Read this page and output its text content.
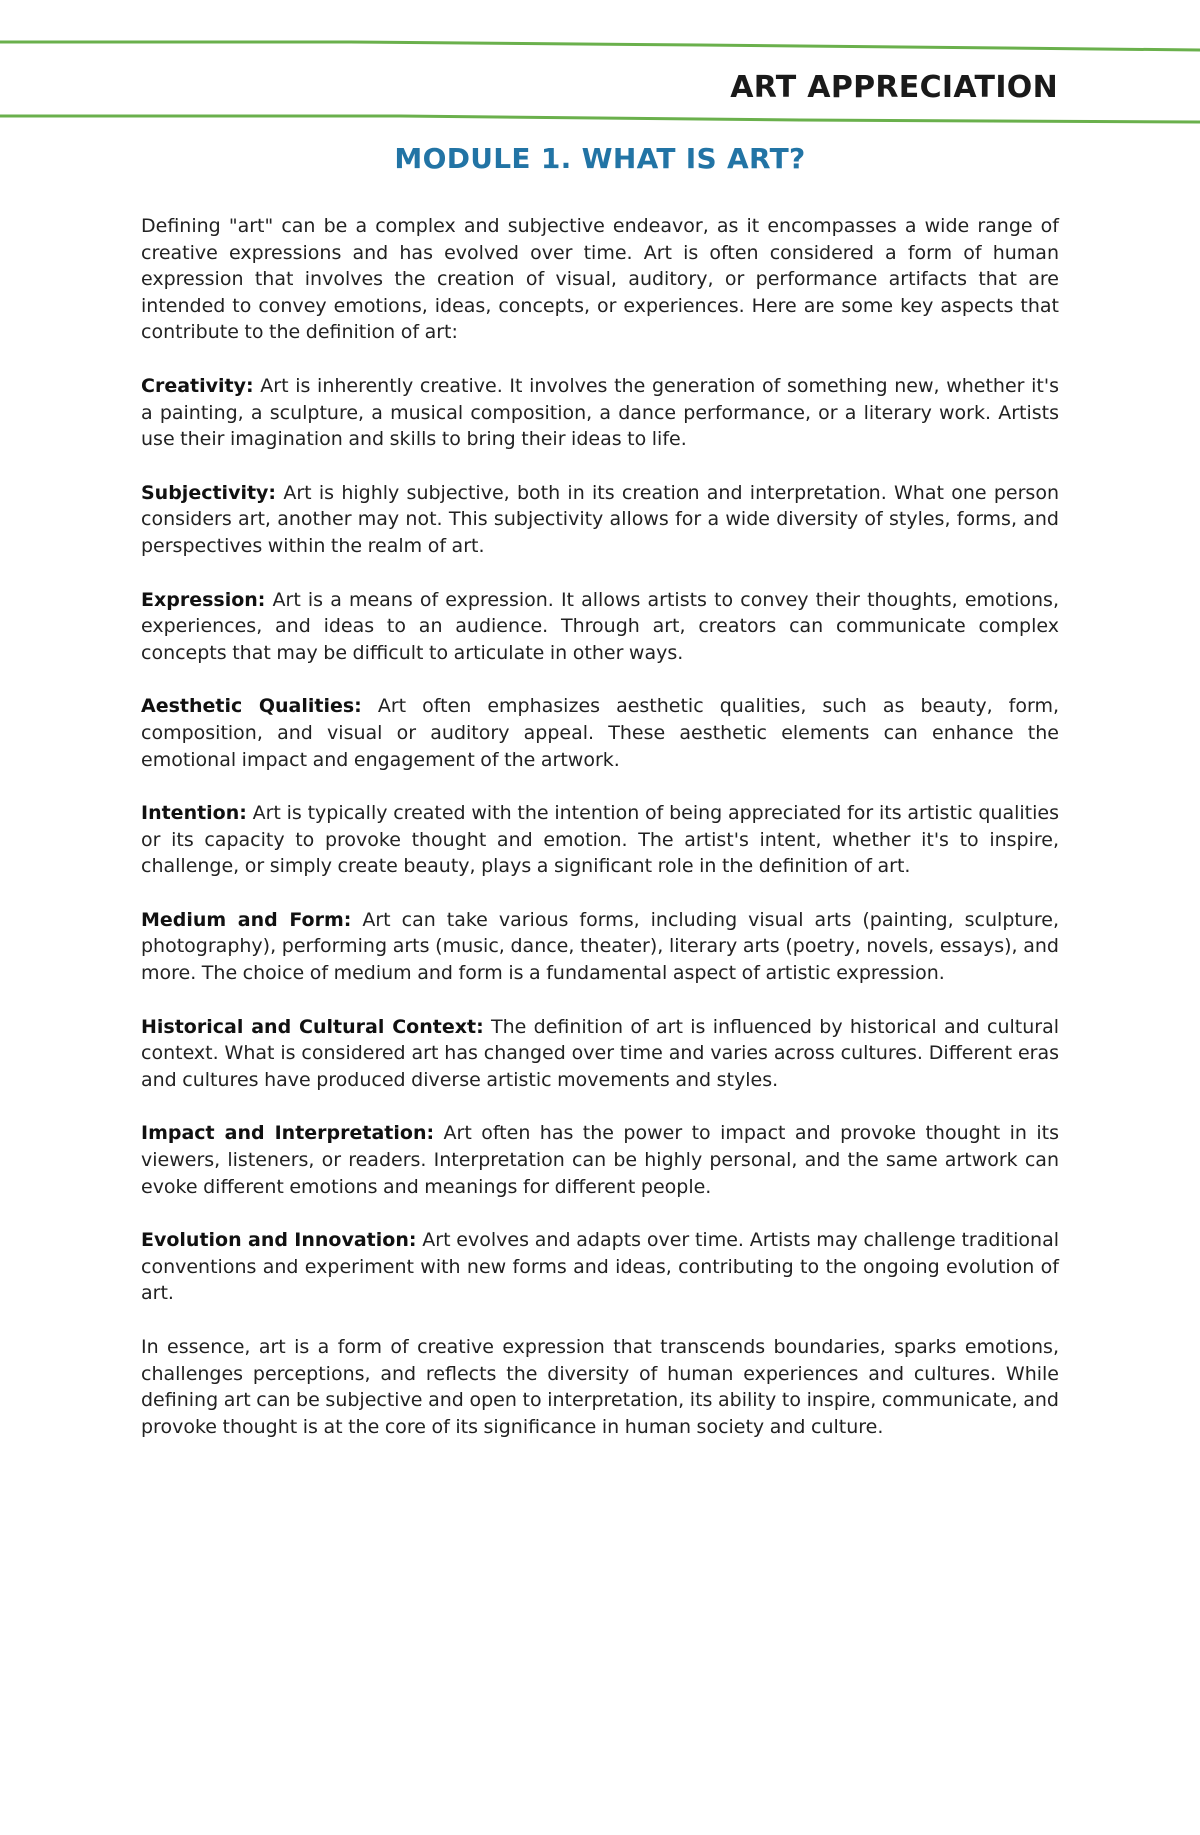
ART APPRECIATION
MODULE 1. WHAT IS ART?

Defining "art" can be a complex and subjective endeavor, as it encompasses a wide range of creative expressions and has evolved over time. Art is often considered a form of human expression that involves the creation of visual, auditory, or performance artifacts that are intended to convey emotions, ideas, concepts, or experiences. Here are some key aspects that contribute to the definition of art:

Creativity: Art is inherently creative. It involves the generation of something new, whether it's a painting, a sculpture, a musical composition, a dance performance, or a literary work. Artists use their imagination and skills to bring their ideas to life.

Subjectivity: Art is highly subjective, both in its creation and interpretation. What one person considers art, another may not. This subjectivity allows for a wide diversity of styles, forms, and perspectives within the realm of art.

Expression: Art is a means of expression. It allows artists to convey their thoughts, emotions, experiences, and ideas to an audience. Through art, creators can communicate complex concepts that may be difficult to articulate in other ways.

Aesthetic Qualities: Art often emphasizes aesthetic qualities, such as beauty, form, composition, and visual or auditory appeal. These aesthetic elements can enhance the emotional impact and engagement of the artwork.

Intention: Art is typically created with the intention of being appreciated for its artistic qualities or its capacity to provoke thought and emotion. The artist's intent, whether it's to inspire, challenge, or simply create beauty, plays a significant role in the definition of art.

Medium and Form: Art can take various forms, including visual arts (painting, sculpture, photography), performing arts (music, dance, theater), literary arts (poetry, novels, essays), and more. The choice of medium and form is a fundamental aspect of artistic expression.

Historical and Cultural Context: The definition of art is influenced by historical and cultural context. What is considered art has changed over time and varies across cultures. Different eras and cultures have produced diverse artistic movements and styles.

Impact and Interpretation: Art often has the power to impact and provoke thought in its viewers, listeners, or readers. Interpretation can be highly personal, and the same artwork can evoke different emotions and meanings for different people.

Evolution and Innovation: Art evolves and adapts over time. Artists may challenge traditional conventions and experiment with new forms and ideas, contributing to the ongoing evolution of art.

In essence, art is a form of creative expression that transcends boundaries, sparks emotions, challenges perceptions, and reflects the diversity of human experiences and cultures. While defining art can be subjective and open to interpretation, its ability to inspire, communicate, and provoke thought is at the core of its significance in human society and culture.
